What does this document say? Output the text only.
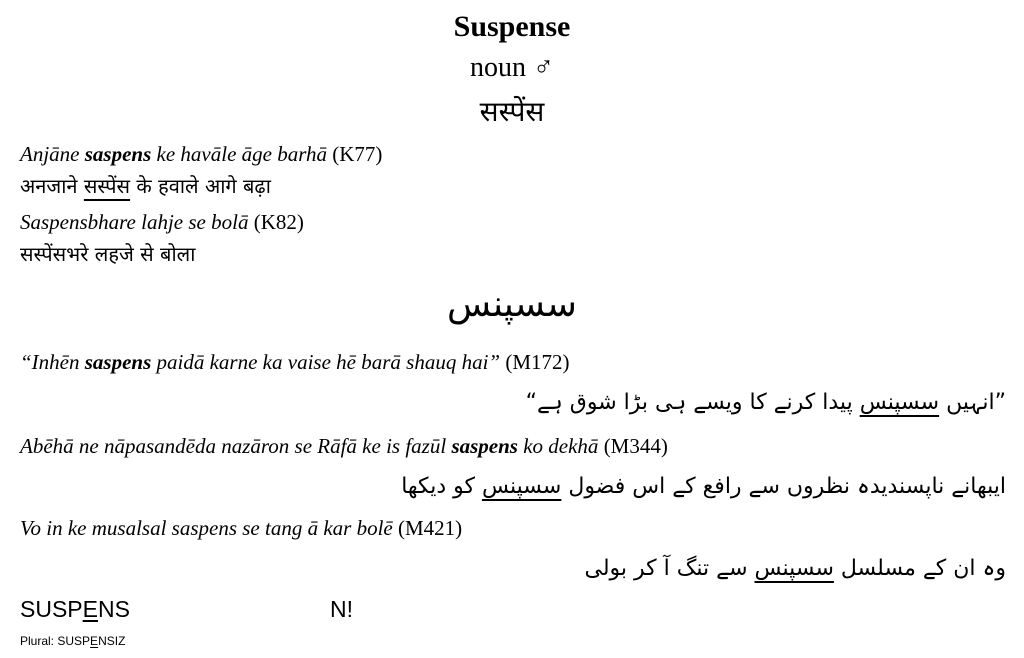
Suspense
noun ♂
सस्पेंस
Anjāne saspens ke havāle āge barhā (K77)
अनजाने सस्पेंस के हवाले आगे बढ़ा
Saspensbhare lahje se bolā (K82)
सस्पेंसभरे लहजे से बोला
سسپنس
“Inhēn saspens paidā karne ka vaise hē barā shauq hai” (M172)
”انہیں سسپنس پیدا کرنے کا ویسے ہی بڑا شوق ہے“
Abēhā ne nāpasandēda nazāron se Rāfā ke is fazūl saspens ko dekhā (M344)
ایبھانے ناپسندیدہ نظروں سے رافع کے اس فضول سسپنس کو دیکھا
Vo in ke musalsal saspens se tang ā kar bolē (M421)
وہ ان کے مسلسل سسپنس سے تنگ آ کر بولی
SUSPENS	N!
Plural: SUSPENSIZ
